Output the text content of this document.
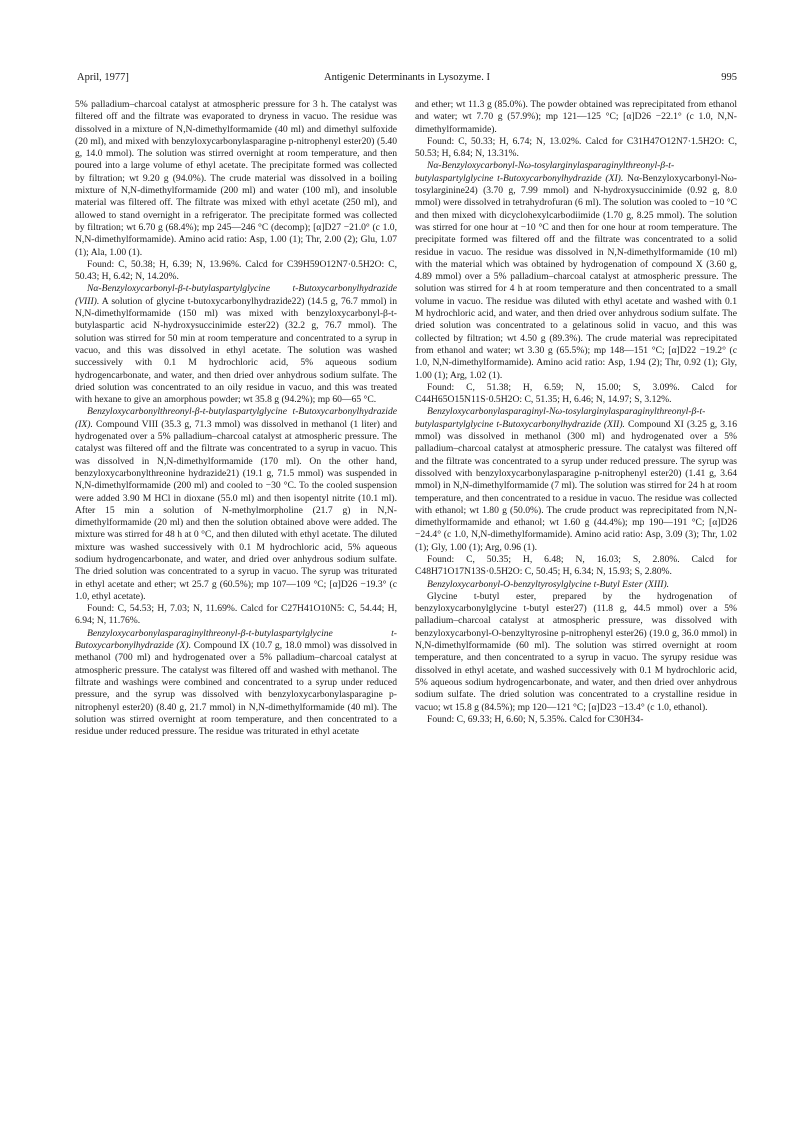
April, 1977]	Antigenic Determinants in Lysozyme. I	995

5% palladium–charcoal catalyst at atmospheric pressure for 3 h. The catalyst was filtered off and the filtrate was evaporated to dryness in vacuo. The residue was dissolved in a mixture of N,N-dimethylformamide (40 ml) and dimethyl sulfoxide (20 ml), and mixed with benzyloxycarbonylasparagine p-nitrophenyl ester20) (5.40 g, 14.0 mmol). The solution was stirred overnight at room temperature, and then poured into a large volume of ethyl acetate. The precipitate formed was collected by filtration; wt 9.20 g (94.0%). The crude material was dissolved in a boiling mixture of N,N-dimethylformamide (200 ml) and water (100 ml), and insoluble material was filtered off. The filtrate was mixed with ethyl acetate (250 ml), and allowed to stand overnight in a refrigerator. The precipitate formed was collected by filtration; wt 6.70 g (68.4%); mp 245—246 °C (decomp); [α]D27 −21.0° (c 1.0, N,N-dimethylformamide). Amino acid ratio: Asp, 1.00 (1); Thr, 2.00 (2); Glu, 1.07 (1); Ala, 1.00 (1).

Found: C, 50.38; H, 6.39; N, 13.96%. Calcd for C39H59O12N7·0.5H2O: C, 50.43; H, 6.42; N, 14.20%.

Nα-Benzyloxycarbonyl-β-t-butylaspartylglycine t-Butoxycarbonylhydrazide (VIII). A solution of glycine t-butoxycarbonylhydrazide22) (14.5 g, 76.7 mmol) in N,N-dimethylformamide (150 ml) was mixed with benzyloxycarbonyl-β-t-butylaspartic acid N-hydroxysuccinimide ester22) (32.2 g, 76.7 mmol). The solution was stirred for 50 min at room temperature and concentrated to a syrup in vacuo, and this was dissolved in ethyl acetate. The solution was washed successively with 0.1 M hydrochloric acid, 5% aqueous sodium hydrogencarbonate, and water, and then dried over anhydrous sodium sulfate. The dried solution was concentrated to an oily residue in vacuo, and this was treated with hexane to give an amorphous powder; wt 35.8 g (94.2%); mp 60—65 °C.

Benzyloxycarbonylthreonyl-β-t-butylaspartylglycine t-Butoxycarbonylhydrazide (IX). Compound VIII (35.3 g, 71.3 mmol) was dissolved in methanol (1 liter) and hydrogenated over a 5% palladium–charcoal catalyst at atmospheric pressure. The catalyst was filtered off and the filtrate was concentrated to a syrup in vacuo. This was dissolved in N,N-dimethylformamide (170 ml). On the other hand, benzyloxycarbonylthreonine hydrazide21) (19.1 g, 71.5 mmol) was suspended in N,N-dimethylformamide (200 ml) and cooled to −30 °C. To the cooled suspension were added 3.90 M HCl in dioxane (55.0 ml) and then isopentyl nitrite (10.1 ml). After 15 min a solution of N-methylmorpholine (21.7 g) in N,N-dimethylformamide (20 ml) and then the solution obtained above were added. The mixture was stirred for 48 h at 0 °C, and then diluted with ethyl acetate. The diluted mixture was washed successively with 0.1 M hydrochloric acid, 5% aqueous sodium hydrogencarbonate, and water, and dried over anhydrous sodium sulfate. The dried solution was concentrated to a syrup in vacuo. The syrup was triturated in ethyl acetate and ether; wt 25.7 g (60.5%); mp 107—109 °C; [α]D26 −19.3° (c 1.0, ethyl acetate).

Found: C, 54.53; H, 7.03; N, 11.69%. Calcd for C27H41O10N5: C, 54.44; H, 6.94; N, 11.76%.

Benzyloxycarbonylasparaginylthreonyl-β-t-butylaspartylglycine t-Butoxycarbonylhydrazide (X). Compound IX (10.7 g, 18.0 mmol) was dissolved in methanol (700 ml) and hydrogenated over a 5% palladium–charcoal catalyst at atmospheric pressure. The catalyst was filtered off and washed with methanol. The filtrate and washings were combined and concentrated to a syrup under reduced pressure, and the syrup was dissolved with benzyloxycarbonylasparagine p-nitrophenyl ester20) (8.40 g, 21.7 mmol) in N,N-dimethylformamide (40 ml). The solution was stirred overnight at room temperature, and then concentrated to a residue under reduced pressure. The residue was triturated in ethyl acetate

and ether; wt 11.3 g (85.0%). The powder obtained was reprecipitated from ethanol and water; wt 7.70 g (57.9%); mp 121—125 °C; [α]D26 −22.1° (c 1.0, N,N-dimethylformamide).

Found: C, 50.33; H, 6.74; N, 13.02%. Calcd for C31H47O12N7·1.5H2O: C, 50.53; H, 6.84; N, 13.31%.

Nα-Benzyloxycarbonyl-Nω-tosylarginylasparaginylthreonyl-β-t-butylaspartylglycine t-Butoxycarbonylhydrazide (XI). Nα-Benzyloxycarbonyl-Nω-tosylarginine24) (3.70 g, 7.99 mmol) and N-hydroxysuccinimide (0.92 g, 8.0 mmol) were dissolved in tetrahydrofuran (6 ml). The solution was cooled to −10 °C and then mixed with dicyclohexylcarbodiimide (1.70 g, 8.25 mmol). The solution was stirred for one hour at −10 °C and then for one hour at room temperature. The precipitate formed was filtered off and the filtrate was concentrated to a solid residue in vacuo. The residue was dissolved in N,N-dimethylformamide (10 ml) with the material which was obtained by hydrogenation of compound X (3.60 g, 4.89 mmol) over a 5% palladium–charcoal catalyst at atmospheric pressure. The solution was stirred for 4 h at room temperature and then concentrated to a small volume in vacuo. The residue was diluted with ethyl acetate and washed with 0.1 M hydrochloric acid, and water, and then dried over anhydrous sodium sulfate. The dried solution was concentrated to a gelatinous solid in vacuo, and this was collected by filtration; wt 4.50 g (89.3%). The crude material was reprecipitated from ethanol and water; wt 3.30 g (65.5%); mp 148—151 °C; [α]D22 −19.2° (c 1.0, N,N-dimethylformamide). Amino acid ratio: Asp, 1.94 (2); Thr, 0.92 (1); Gly, 1.00 (1); Arg, 1.02 (1).

Found: C, 51.38; H, 6.59; N, 15.00; S, 3.09%. Calcd for C44H65O15N11S·0.5H2O: C, 51.35; H, 6.46; N, 14.97; S, 3.12%.

Benzyloxycarbonylasparaginyl-Nω-tosylarginylasparaginylthreonyl-β-t-butylaspartylglycine t-Butoxycarbonylhydrazide (XII). Compound XI (3.25 g, 3.16 mmol) was dissolved in methanol (300 ml) and hydrogenated over a 5% palladium–charcoal catalyst at atmospheric pressure. The catalyst was filtered off and the filtrate was concentrated to a syrup under reduced pressure. The syrup was dissolved with benzyloxycarbonylasparagine p-nitrophenyl ester20) (1.41 g, 3.64 mmol) in N,N-dimethylformamide (7 ml). The solution was stirred for 24 h at room temperature, and then concentrated to a residue in vacuo. The residue was collected with ethanol; wt 1.80 g (50.0%). The crude product was reprecipitated from N,N-dimethylformamide and ethanol; wt 1.60 g (44.4%); mp 190—191 °C; [α]D26 −24.4° (c 1.0, N,N-dimethylformamide). Amino acid ratio: Asp, 3.09 (3); Thr, 1.02 (1); Gly, 1.00 (1); Arg, 0.96 (1).

Found: C, 50.35; H, 6.48; N, 16.03; S, 2.80%. Calcd for C48H71O17N13S·0.5H2O: C, 50.45; H, 6.34; N, 15.93; S, 2.80%.

Benzyloxycarbonyl-O-benzyltyrosylglycine t-Butyl Ester (XIII).

Glycine t-butyl ester, prepared by the hydrogenation of benzyloxycarbonylglycine t-butyl ester27) (11.8 g, 44.5 mmol) over a 5% palladium–charcoal catalyst at atmospheric pressure, was dissolved with benzyloxycarbonyl-O-benzyltyrosine p-nitrophenyl ester26) (19.0 g, 36.0 mmol) in N,N-dimethylformamide (60 ml). The solution was stirred overnight at room temperature, and then concentrated to a syrup in vacuo. The syrupy residue was dissolved in ethyl acetate, and washed successively with 0.1 M hydrochloric acid, 5% aqueous sodium hydrogencarbonate, and water, and then dried over anhydrous sodium sulfate. The dried solution was concentrated to a crystalline residue in vacuo; wt 15.8 g (84.5%); mp 120—121 °C; [α]D23 −13.4° (c 1.0, ethanol).

Found: C, 69.33; H, 6.60; N, 5.35%. Calcd for C30H34-
